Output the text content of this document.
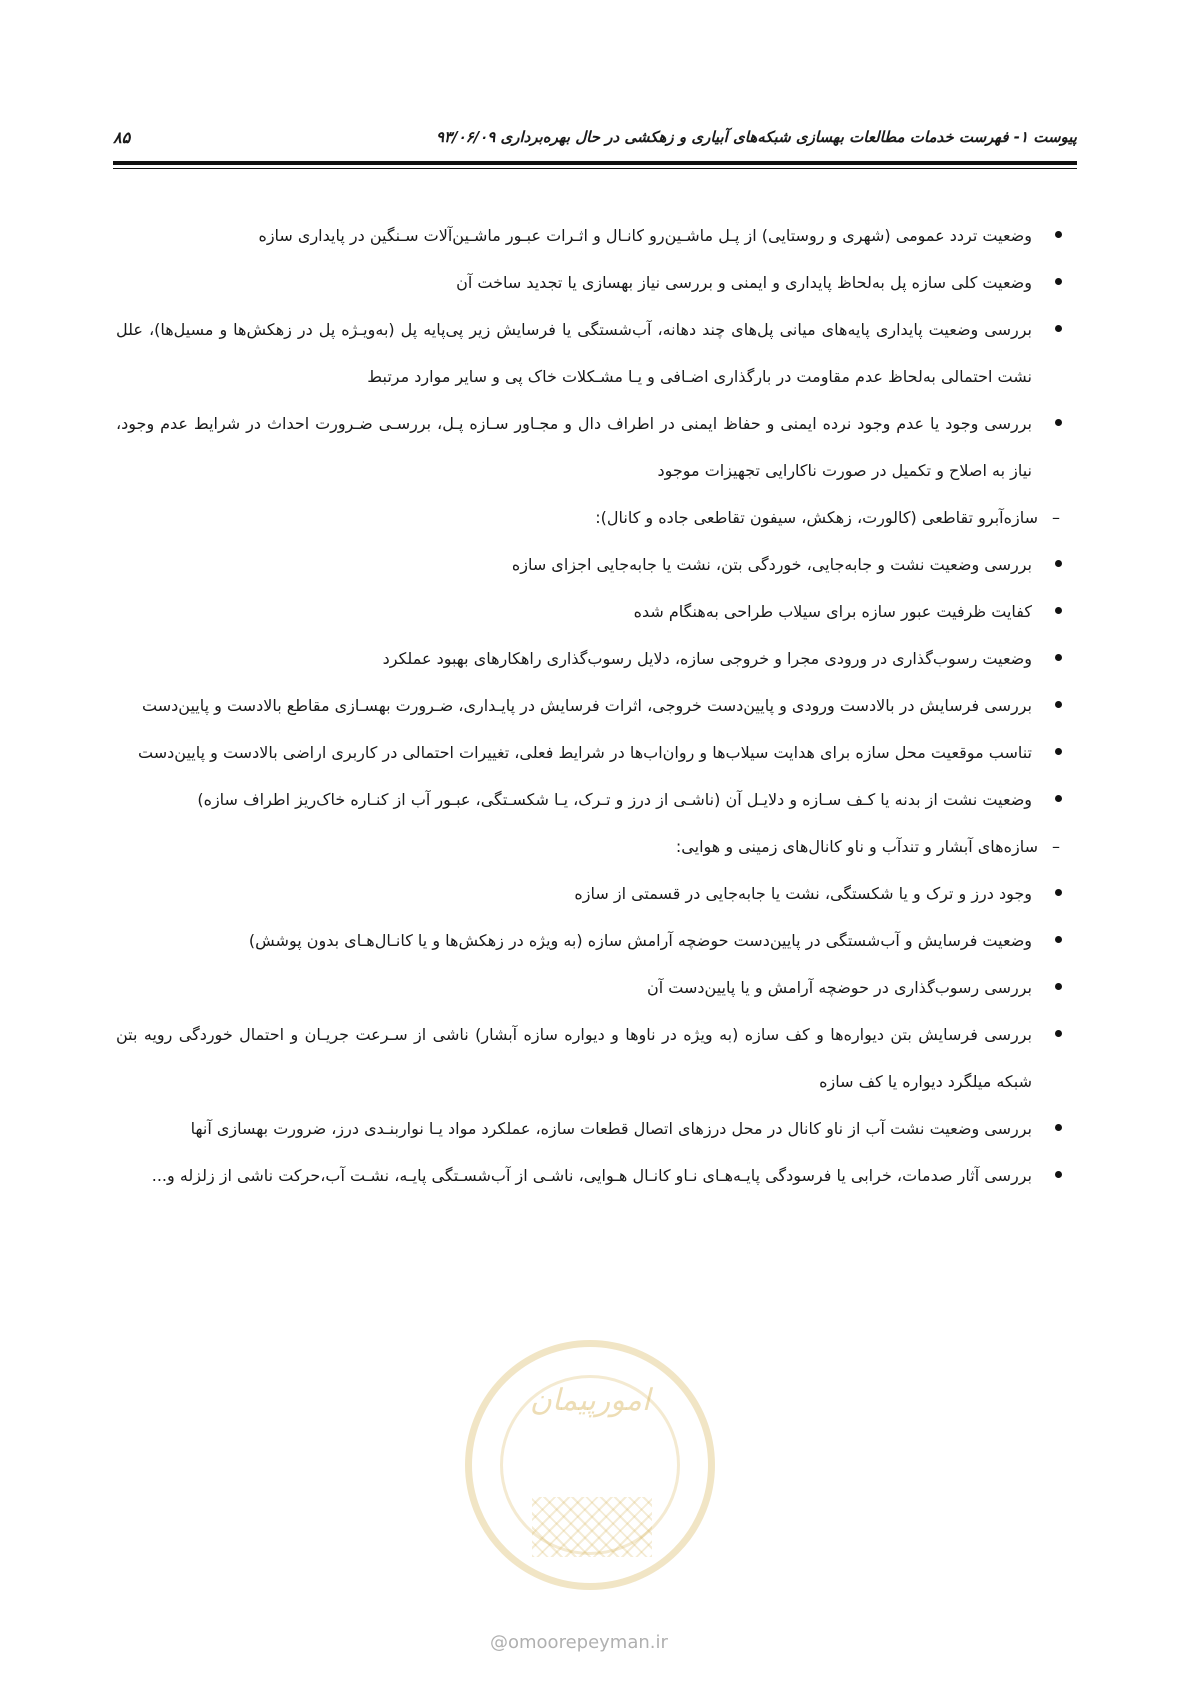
پیوست ۱- فهرست خدمات مطالعات بهسازی شبکه‌های آبیاری و زهکشی در حال بهره‌برداری ۹۳/۰۶/۰۹
۸۵
وضعیت تردد عمومی (شهری و روستایی) از پـل ماشـین‌رو کانـال و اثـرات عبـور ماشـین‌آلات سـنگین در پایداری سازه
وضعیت کلی سازه پل به‌لحاظ پایداری و ایمنی و بررسی نیاز بهسازی یا تجدید ساخت آن
بررسی وضعیت پایداری پایه‌های میانی پل‌های چند دهانه، آب‌شستگی یا فرسایش زیر پی‌پایه پل (به‌ویـژه پل در زهکش‌ها و مسیل‌ها)، علل نشت احتمالی به‌لحاظ عدم مقاومت در بارگذاری اضـافی و یـا مشـکلات خاک پی و سایر موارد مرتبط
بررسی وجود یا عدم وجود نرده ایمنی و حفاظ ایمنی در اطراف دال و مجـاور سـازه پـل، بررسـی ضـرورت احداث در شرایط عدم وجود، نیاز به اصلاح و تکمیل در صورت ناکارایی تجهیزات موجود
–
سازه‌آبرو تقاطعی (کالورت، زهکش، سیفون تقاطعی جاده و کانال):
بررسی وضعیت نشت و جابه‌جایی، خوردگی بتن، نشت یا جابه‌جایی اجزای سازه
کفایت ظرفیت عبور سازه برای سیلاب طراحی به‌هنگام شده
وضعیت رسوب‌گذاری در ورودی مجرا و خروجی سازه، دلایل رسوب‌گذاری راهکارهای بهبود عملکرد
بررسی فرسایش در بالادست ورودی و پایین‌دست خروجی، اثرات فرسایش در پایـداری، ضـرورت بهسـازی مقاطع بالادست و پایین‌دست
تناسب موقعیت محل سازه برای هدایت سیلاب‌ها و روان‌اب‌ها در شرایط فعلی، تغییرات احتمالی در کاربری اراضی بالادست و پایین‌دست
وضعیت نشت از بدنه یا کـف سـازه و دلایـل آن (ناشـی از درز و تـرک، یـا شکسـتگی، عبـور آب از کنـاره خاک‌ریز اطراف سازه)
–
سازه‌های آبشار و تندآب و ناو کانال‌های زمینی و هوایی:
وجود درز و ترک و یا شکستگی، نشت یا جابه‌جایی در قسمتی از سازه
وضعیت فرسایش و آب‌شستگی در پایین‌دست حوضچه آرامش سازه (به ویژه در زهکش‌ها و یا کانـال‌هـای بدون پوشش)
بررسی رسوب‌گذاری در حوضچه آرامش و یا پایین‌دست آن
بررسی فرسایش بتن دیواره‌ها و کف سازه (به ویژه در ناوها و دیواره سازه آبشار) ناشی از سـرعت جریـان و احتمال خوردگی رویه بتن شبکه میلگرد دیواره یا کف سازه
بررسی وضعیت نشت آب از ناو کانال در محل درزهای اتصال قطعات سازه، عملکرد مواد یـا نواربنـدی درز، ضرورت بهسازی آنها
بررسی آثار صدمات، خرابی یا فرسودگی پایـه‌هـای نـاو کانـال هـوایی، ناشـی از آب‌شسـتگی پایـه، نشـت آب،حرکت ناشی از زلزله و...
امورپیمان
@omoorepeyman.ir
